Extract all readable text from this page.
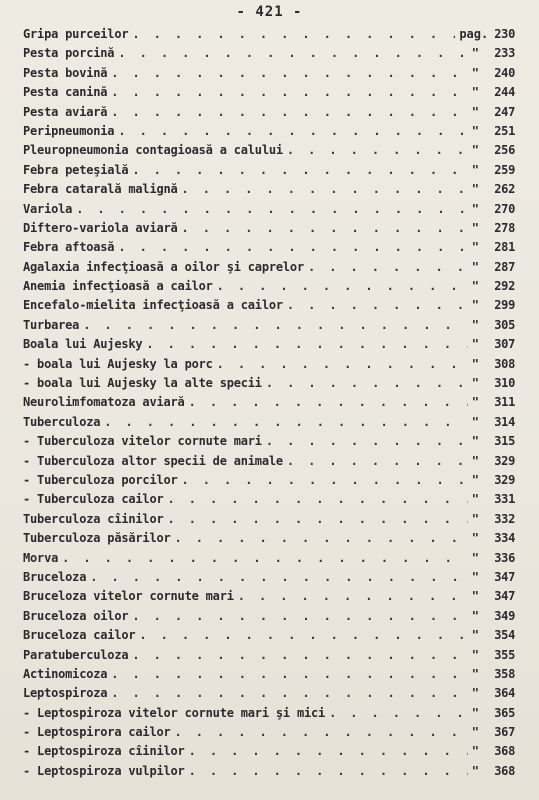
- 421 -
Gripa purceilor . . .	pag. 230
Pesta porcină . . .	"	233
Pesta bovină . . .	"	240
Pesta canină . . .	"	244
Pesta aviară . . .	"	247
Peripneumonia . . .	"	251
Pleuropneumonia contagioasă a calului . . .	"	256
Febra peteşială . . .	"	259
Febra catarală malignă . . .	"	262
Variola . . .	"	270
Diftero-variola aviară . . .	"	278
Febra aftoasă . . .	"	281
Agalaxia infecţioasă a oilor şi caprelor . . .	"	287
Anemia infecţioasă a cailor . . .	"	292
Encefalo-mielita infecţioasă a cailor . . .	"	299
Turbarea . . .	"	305
Boala lui Aujesky . . .	"	307
- boala lui Aujesky la porc . . .	"	308
- boala lui Aujesky la alte specii . . .	"	310
Neurolimfomatoza aviară . . .	"	311
Tuberculoza . . .	"	314
- Tuberculoza vitelor cornute mari . . .	"	315
- Tuberculoza altor specii de animale . . .	"	329
- Tuberculoza porcilor . . .	"	329
- Tuberculoza cailor . . .	"	331
Tuberculoza cîinilor . . .	"	332
Tuberculoza păsărilor . . .	"	334
Morva . . .	"	336
Bruceloza . . .	"	347
Bruceloza vitelor cornute mari . . .	"	347
Bruceloza oilor . . .	"	349
Bruceloza cailor . . .	"	354
Paratuberculoza . . .	"	355
Actinomicoza . . .	"	358
Leptospiroza . . .	"	364
- Leptospiroza vitelor cornute mari şi mici . . .	"	365
- Leptospirora cailor . . .	"	367
- Leptospiroza cîinilor . . .	"	368
- Leptospiroza vulpilor . . .	"	368
